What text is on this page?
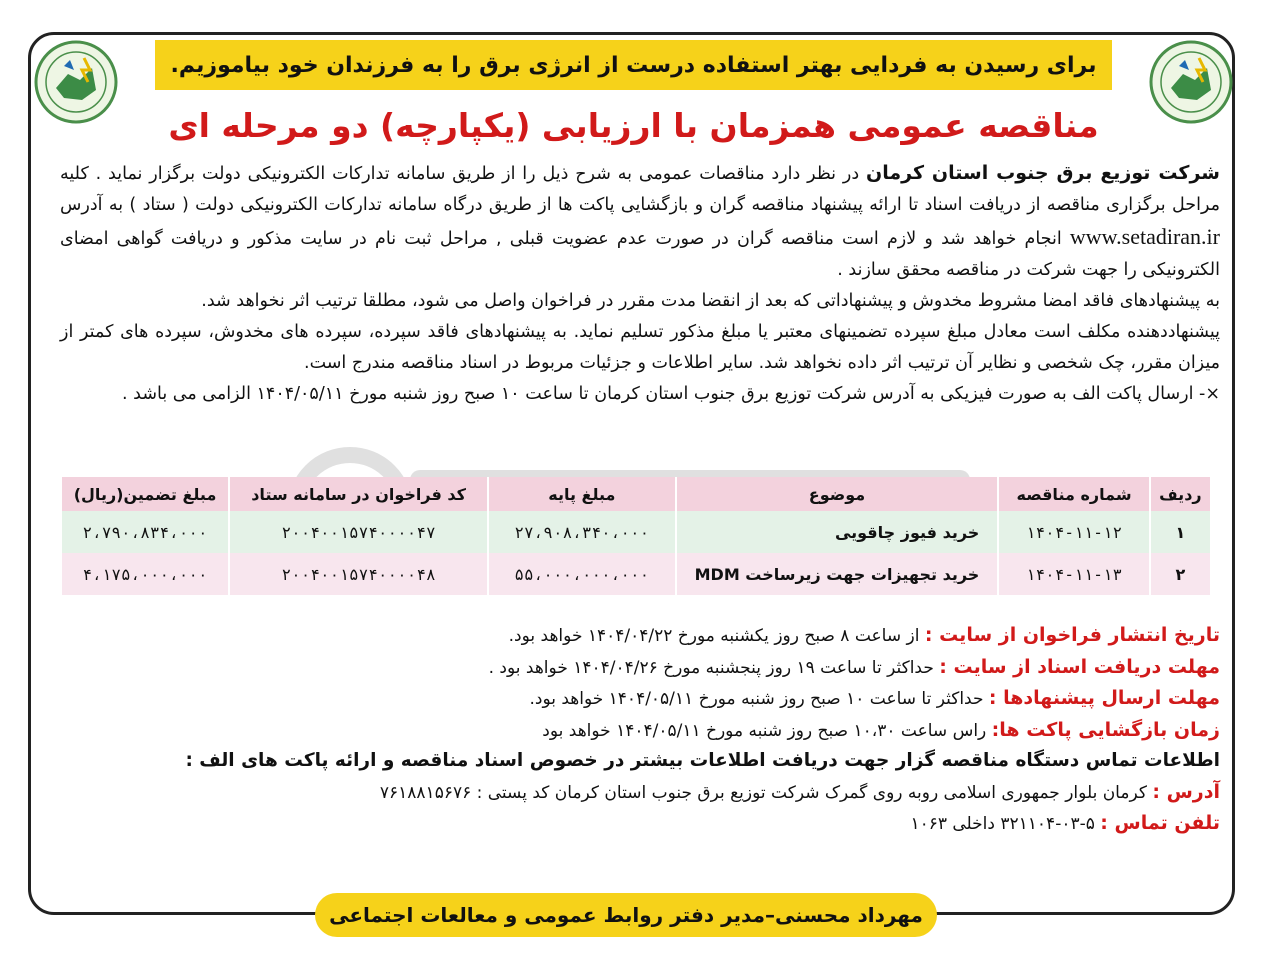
برای رسیدن به فردایی بهتر استفاده درست از انرژی برق را به فرزندان خود بیاموزیم.
مناقصه عمومی همزمان با ارزیابی (یکپارچه) دو مرحله ای

شرکت توزیع برق جنوب استان کرمان در نظر دارد مناقصات عمومی به شرح ذیل را از طریق سامانه تدارکات الکترونیکی دولت برگزار نماید . کلیه مراحل برگزاری مناقصه از دریافت اسناد تا ارائه پیشنهاد مناقصه گران و بازگشایی پاکت ها از طریق درگاه سامانه تدارکات الکترونیکی دولت ( ستاد ) به آدرس www.setadiran.ir انجام خواهد شد و لازم است مناقصه گران در صورت عدم عضویت قبلی , مراحل ثبت نام در سایت مذکور و دریافت گواهی امضای الکترونیکی را جهت شرکت در مناقصه محقق سازند .

به پیشنهادهای فاقد امضا مشروط مخدوش و پیشنهاداتی که بعد از انقضا مدت مقرر در فراخوان واصل می شود، مطلقا ترتیب اثر نخواهد شد.

پیشنهاددهنده مکلف است معادل مبلغ سپرده تضمینهای معتبر یا مبلغ مذکور تسلیم نماید. به پیشنهادهای فاقد سپرده، سپرده های مخدوش، سپرده های کمتر از میزان مقرر، چک شخصی و نظایر آن ترتیب اثر داده نخواهد شد. سایر اطلاعات و جزئیات مربوط در اسناد مناقصه مندرج است.

×- ارسال پاکت الف به صورت فیزیکی به آدرس شرکت توزیع برق جنوب استان کرمان تا ساعت ۱۰ صبح روز شنبه مورخ ۱۴۰۴/۰۵/۱۱ الزامی می باشد .

ردیف	شماره مناقصه	موضوع	مبلغ پایه	کد فراخوان در سامانه ستاد	مبلغ تضمین(ریال)
۱	۱۴۰۴-۱۱-۱۲	خرید فیوز چاقویی	۲۷،۹۰۸،۳۴۰،۰۰۰	۲۰۰۴۰۰۱۵۷۴۰۰۰۰۴۷	۲،۷۹۰،۸۳۴،۰۰۰
۲	۱۴۰۴-۱۱-۱۳	خرید تجهیزات جهت زیرساخت MDM	۵۵،۰۰۰،۰۰۰،۰۰۰	۲۰۰۴۰۰۱۵۷۴۰۰۰۰۴۸	۴،۱۷۵،۰۰۰،۰۰۰
تاریخ انتشار فراخوان از سایت : از ساعت ۸ صبح روز یکشنبه مورخ ۱۴۰۴/۰۴/۲۲ خواهد بود.
مهلت دریافت اسناد از سایت : حداکثر تا ساعت ۱۹ روز پنجشنبه مورخ ۱۴۰۴/۰۴/۲۶ خواهد بود .
مهلت ارسال پیشنهادها : حداکثر تا ساعت ۱۰ صبح روز شنبه مورخ ۱۴۰۴/۰۵/۱۱ خواهد بود.
زمان بازگشایی پاکت ها: راس ساعت ۱۰،۳۰ صبح روز شنبه مورخ ۱۴۰۴/۰۵/۱۱ خواهد بود
اطلاعات تماس دستگاه مناقصه گزار جهت دریافت اطلاعات بیشتر در خصوص اسناد مناقصه و ارائه پاکت های الف :
آدرس : کرمان بلوار جمهوری اسلامی روبه روی گمرک شرکت توزیع برق جنوب استان کرمان کد پستی : ۷۶۱۸۸۱۵۶۷۶
تلفن تماس : ۵-۰۳-۳۲۱۱۰۴ داخلی ۱۰۶۳
مهرداد محسنی–مدیر دفتر روابط عمومی و معالعات اجتماعی
